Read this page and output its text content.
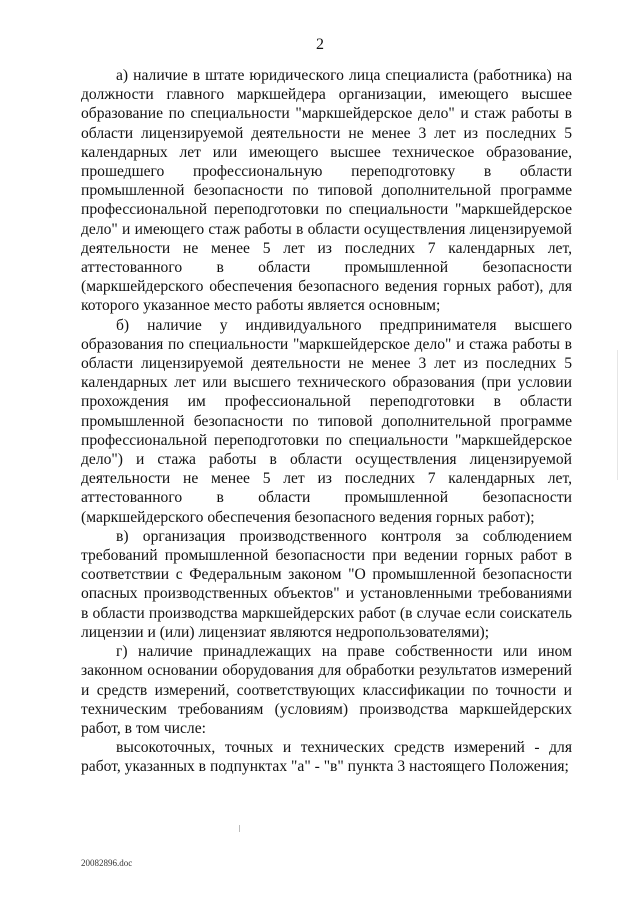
2

а) наличие в штате юридического лица специалиста (работника) на должности главного маркшейдера организации, имеющего высшее образование по специальности "маркшейдерское дело" и стаж работы в области лицензируемой деятельности не менее 3 лет из последних 5 календарных лет или имеющего высшее техническое образование, прошедшего профессиональную переподготовку в области промышленной безопасности по типовой дополнительной программе профессиональной переподготовки по специальности "маркшейдерское дело" и имеющего стаж работы в области осуществления лицензируемой деятельности не менее 5 лет из последних 7 календарных лет, аттестованного в области промышленной безопасности (маркшейдерского обеспечения безопасного ведения горных работ), для которого указанное место работы является основным;

б) наличие у индивидуального предпринимателя высшего образования по специальности "маркшейдерское дело" и стажа работы в области лицензируемой деятельности не менее 3 лет из последних 5 календарных лет или высшего технического образования (при условии прохождения им профессиональной переподготовки в области промышленной безопасности по типовой дополнительной программе профессиональной переподготовки по специальности "маркшейдерское дело") и стажа работы в области осуществления лицензируемой деятельности не менее 5 лет из последних 7 календарных лет, аттестованного в области промышленной безопасности (маркшейдерского обеспечения безопасного ведения горных работ);

в) организация производственного контроля за соблюдением требований промышленной безопасности при ведении горных работ в соответствии с Федеральным законом "О промышленной безопасности опасных производственных объектов" и установленными требованиями в области производства маркшейдерских работ (в случае если соискатель лицензии и (или) лицензиат являются недропользователями);

г) наличие принадлежащих на праве собственности или ином законном основании оборудования для обработки результатов измерений и средств измерений, соответствующих классификации по точности и техническим требованиям (условиям) производства маркшейдерских работ, в том числе:

высокоточных, точных и технических средств измерений - для работ, указанных в подпунктах "а" - "в" пункта 3 настоящего Положения;

20082896.doc
